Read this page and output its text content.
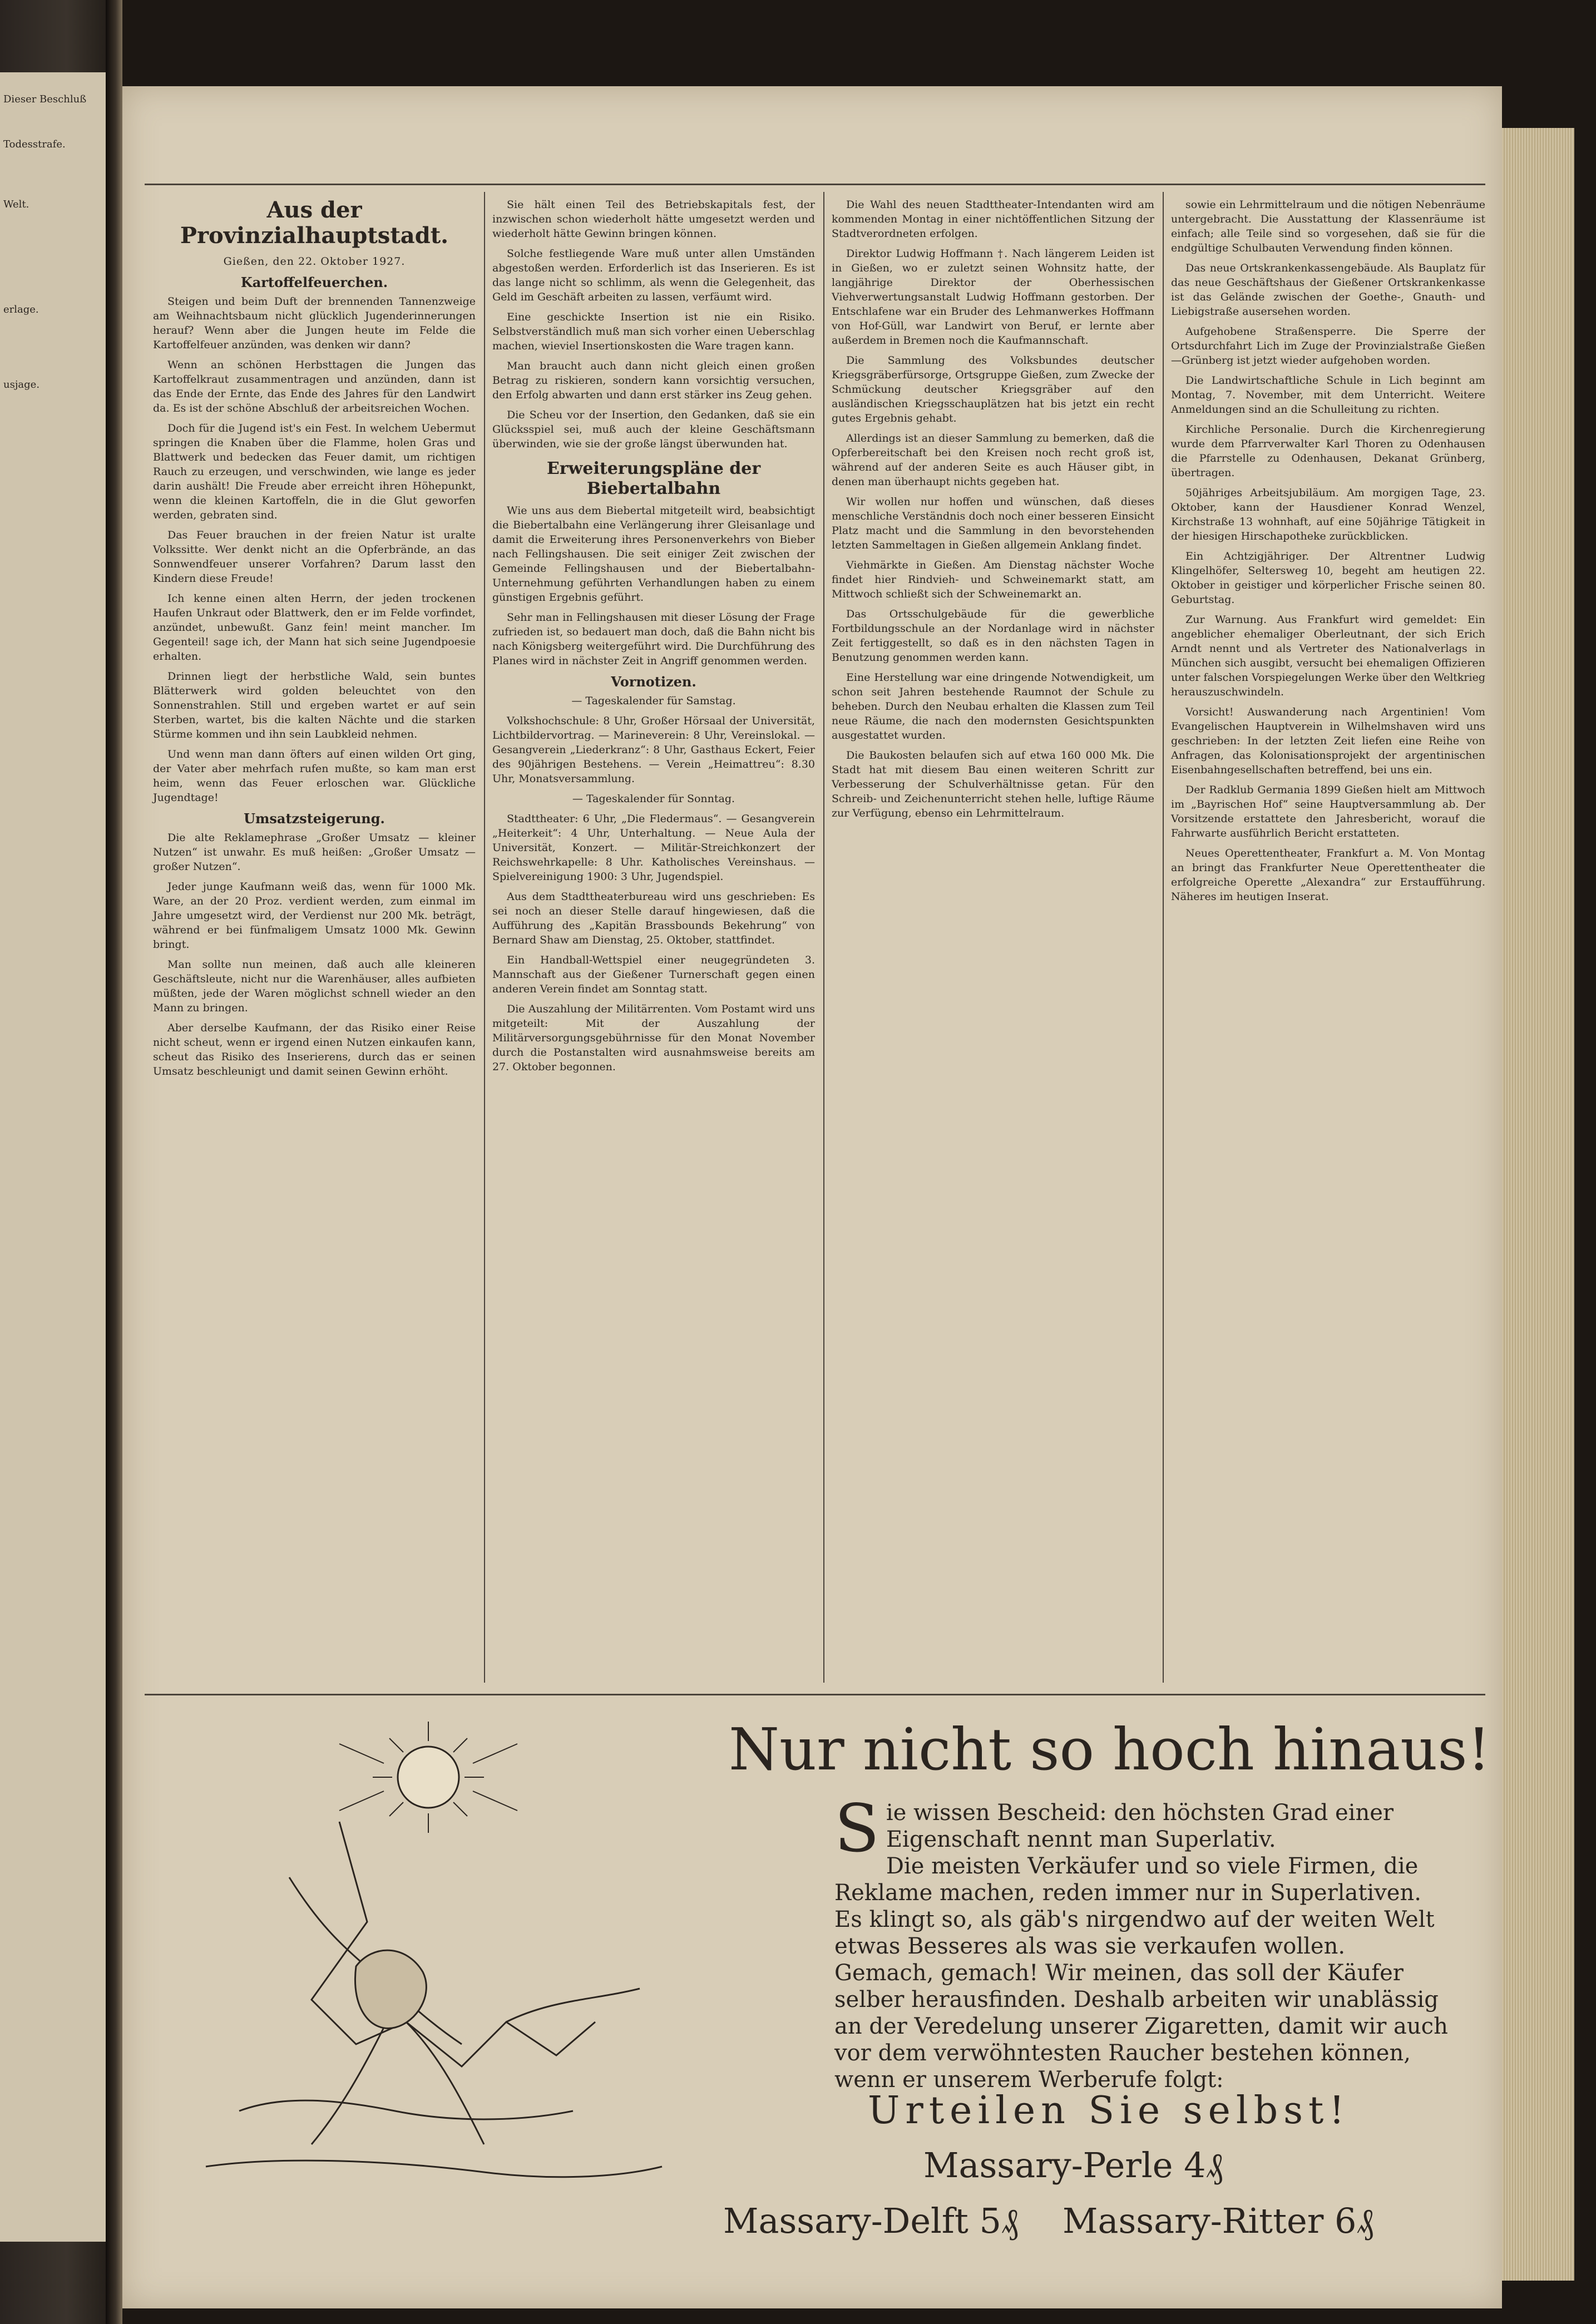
Dieser Beschluß

Todesstrafe.

Welt.

erlage.

usjage.

Aus der Provinzialhauptstadt.

Gießen, den 22. Oktober 1927.

Kartoffelfeuerchen.

Steigen und beim Duft der brennenden Tannenzweige am Weihnachtsbaum nicht glücklich Jugenderinnerungen herauf? Wenn aber die Jungen heute im Felde die Kartoffelfeuer anzünden, was denken wir dann?

Wenn an schönen Herbsttagen die Jungen das Kartoffelkraut zusammentragen und anzünden, dann ist das Ende der Ernte, das Ende des Jahres für den Landwirt da. Es ist der schöne Abschluß der arbeitsreichen Wochen.

Doch für die Jugend ist's ein Fest. In welchem Uebermut springen die Knaben über die Flamme, holen Gras und Blattwerk und bedecken das Feuer damit, um richtigen Rauch zu erzeugen, und verschwinden, wie lange es jeder darin aushält! Die Freude aber erreicht ihren Höhepunkt, wenn die kleinen Kartoffeln, die in die Glut geworfen werden, gebraten sind.

Das Feuer brauchen in der freien Natur ist uralte Volkssitte. Wer denkt nicht an die Opferbrände, an das Sonnwendfeuer unserer Vorfahren? Darum lasst den Kindern diese Freude!

Ich kenne einen alten Herrn, der jeden trockenen Haufen Unkraut oder Blattwerk, den er im Felde vorfindet, anzündet, unbewußt. Ganz fein! meint mancher. Im Gegenteil! sage ich, der Mann hat sich seine Jugendpoesie erhalten.

Drinnen liegt der herbstliche Wald, sein buntes Blätterwerk wird golden beleuchtet von den Sonnenstrahlen. Still und ergeben wartet er auf sein Sterben, wartet, bis die kalten Nächte und die starken Stürme kommen und ihn sein Laubkleid nehmen.

Und wenn man dann öfters auf einen wilden Ort ging, der Vater aber mehrfach rufen mußte, so kam man erst heim, wenn das Feuer erloschen war. Glückliche Jugendtage!

Umsatzsteigerung.

Die alte Reklamephrase „Großer Umsatz — kleiner Nutzen“ ist unwahr. Es muß heißen: „Großer Umsatz — großer Nutzen“.

Jeder junge Kaufmann weiß das, wenn für 1000 Mk. Ware, an der 20 Proz. verdient werden, zum einmal im Jahre umgesetzt wird, der Verdienst nur 200 Mk. beträgt, während er bei fünfmaligem Umsatz 1000 Mk. Gewinn bringt.

Man sollte nun meinen, daß auch alle kleineren Geschäftsleute, nicht nur die Warenhäuser, alles aufbieten müßten, jede der Waren möglichst schnell wieder an den Mann zu bringen.

Aber derselbe Kaufmann, der das Risiko einer Reise nicht scheut, wenn er irgend einen Nutzen einkaufen kann, scheut das Risiko des Inserierens, durch das er seinen Umsatz beschleunigt und damit seinen Gewinn erhöht.

Sie hält einen Teil des Betriebskapitals fest, der inzwischen schon wiederholt hätte umgesetzt werden und wiederholt hätte Gewinn bringen können.

Solche festliegende Ware muß unter allen Umständen abgestoßen werden. Erforderlich ist das Inserieren. Es ist das lange nicht so schlimm, als wenn die Gelegenheit, das Geld im Geschäft arbeiten zu lassen, verfäumt wird.

Eine geschickte Insertion ist nie ein Risiko. Selbstverständlich muß man sich vorher einen Ueberschlag machen, wieviel Insertionskosten die Ware tragen kann.

Man braucht auch dann nicht gleich einen großen Betrag zu riskieren, sondern kann vorsichtig versuchen, den Erfolg abwarten und dann erst stärker ins Zeug gehen.

Die Scheu vor der Insertion, den Gedanken, daß sie ein Glücksspiel sei, muß auch der kleine Geschäftsmann überwinden, wie sie der große längst überwunden hat.

Erweiterungspläne der Biebertalbahn

Wie uns aus dem Biebertal mitgeteilt wird, beabsichtigt die Biebertalbahn eine Verlängerung ihrer Gleisanlage und damit die Erweiterung ihres Personenverkehrs von Bieber nach Fellingshausen. Die seit einiger Zeit zwischen der Gemeinde Fellingshausen und der Biebertalbahn-Unternehmung geführten Verhandlungen haben zu einem günstigen Ergebnis geführt.

Sehr man in Fellingshausen mit dieser Lösung der Frage zufrieden ist, so bedauert man doch, daß die Bahn nicht bis nach Königsberg weitergeführt wird. Die Durchführung des Planes wird in nächster Zeit in Angriff genommen werden.

Vornotizen.

— Tageskalender für Samstag.

Volkshochschule: 8 Uhr, Großer Hörsaal der Universität, Lichtbildervortrag. — Marineverein: 8 Uhr, Vereinslokal. — Gesangverein „Liederkranz“: 8 Uhr, Gasthaus Eckert, Feier des 90jährigen Bestehens. — Verein „Heimattreu“: 8.30 Uhr, Monatsversammlung.

— Tageskalender für Sonntag.

Stadttheater: 6 Uhr, „Die Fledermaus“. — Gesangverein „Heiterkeit“: 4 Uhr, Unterhaltung. — Neue Aula der Universität, Konzert. — Militär-Streichkonzert der Reichswehrkapelle: 8 Uhr. Katholisches Vereinshaus. — Spielvereinigung 1900: 3 Uhr, Jugendspiel.

Aus dem Stadttheaterbureau wird uns geschrieben: Es sei noch an dieser Stelle darauf hingewiesen, daß die Aufführung des „Kapitän Brassbounds Bekehrung“ von Bernard Shaw am Dienstag, 25. Oktober, stattfindet.

Ein Handball-Wettspiel einer neugegründeten 3. Mannschaft aus der Gießener Turnerschaft gegen einen anderen Verein findet am Sonntag statt.

Die Auszahlung der Militärrenten. Vom Postamt wird uns mitgeteilt: Mit der Auszahlung der Militärversorgungsgebührnisse für den Monat November durch die Postanstalten wird ausnahmsweise bereits am 27. Oktober begonnen.

Die Wahl des neuen Stadttheater-Intendanten wird am kommenden Montag in einer nichtöffentlichen Sitzung der Stadtverordneten erfolgen.

Direktor Ludwig Hoffmann †. Nach längerem Leiden ist in Gießen, wo er zuletzt seinen Wohnsitz hatte, der langjährige Direktor der Oberhessischen Viehverwertungsanstalt Ludwig Hoffmann gestorben. Der Entschlafene war ein Bruder des Lehmanwerkes Hoffmann von Hof-Güll, war Landwirt von Beruf, er lernte aber außerdem in Bremen noch die Kaufmannschaft.

Die Sammlung des Volksbundes deutscher Kriegsgräberfürsorge, Ortsgruppe Gießen, zum Zwecke der Schmückung deutscher Kriegsgräber auf den ausländischen Kriegsschauplätzen hat bis jetzt ein recht gutes Ergebnis gehabt.

Allerdings ist an dieser Sammlung zu bemerken, daß die Opferbereitschaft bei den Kreisen noch recht groß ist, während auf der anderen Seite es auch Häuser gibt, in denen man überhaupt nichts gegeben hat.

Wir wollen nur hoffen und wünschen, daß dieses menschliche Verständnis doch noch einer besseren Einsicht Platz macht und die Sammlung in den bevorstehenden letzten Sammeltagen in Gießen allgemein Anklang findet.

Viehmärkte in Gießen. Am Dienstag nächster Woche findet hier Rindvieh- und Schweinemarkt statt, am Mittwoch schließt sich der Schweinemarkt an.

Das Ortsschulgebäude für die gewerbliche Fortbildungsschule an der Nordanlage wird in nächster Zeit fertiggestellt, so daß es in den nächsten Tagen in Benutzung genommen werden kann.

Eine Herstellung war eine dringende Notwendigkeit, um schon seit Jahren bestehende Raumnot der Schule zu beheben. Durch den Neubau erhalten die Klassen zum Teil neue Räume, die nach den modernsten Gesichtspunkten ausgestattet wurden.

Die Baukosten belaufen sich auf etwa 160 000 Mk. Die Stadt hat mit diesem Bau einen weiteren Schritt zur Verbesserung der Schulverhältnisse getan. Für den Schreib- und Zeichenunterricht stehen helle, luftige Räume zur Verfügung, ebenso ein Lehrmittelraum.

sowie ein Lehrmittelraum und die nötigen Nebenräume untergebracht. Die Ausstattung der Klassenräume ist einfach; alle Teile sind so vorgesehen, daß sie für die endgültige Schulbauten Verwendung finden können.

Das neue Ortskrankenkassengebäude. Als Bauplatz für das neue Geschäftshaus der Gießener Ortskrankenkasse ist das Gelände zwischen der Goethe-, Gnauth- und Liebigstraße ausersehen worden.

Aufgehobene Straßensperre. Die Sperre der Ortsdurchfahrt Lich im Zuge der Provinzialstraße Gießen—Grünberg ist jetzt wieder aufgehoben worden.

Die Landwirtschaftliche Schule in Lich beginnt am Montag, 7. November, mit dem Unterricht. Weitere Anmeldungen sind an die Schulleitung zu richten.

Kirchliche Personalie. Durch die Kirchenregierung wurde dem Pfarrverwalter Karl Thoren zu Odenhausen die Pfarrstelle zu Odenhausen, Dekanat Grünberg, übertragen.

50jähriges Arbeitsjubiläum. Am morgigen Tage, 23. Oktober, kann der Hausdiener Konrad Wenzel, Kirchstraße 13 wohnhaft, auf eine 50jährige Tätigkeit in der hiesigen Hirschapotheke zurückblicken.

Ein Achtzigjähriger. Der Altrentner Ludwig Klingelhöfer, Seltersweg 10, begeht am heutigen 22. Oktober in geistiger und körperlicher Frische seinen 80. Geburtstag.

Zur Warnung. Aus Frankfurt wird gemeldet: Ein angeblicher ehemaliger Oberleutnant, der sich Erich Arndt nennt und als Vertreter des Nationalverlags in München sich ausgibt, versucht bei ehemaligen Offizieren unter falschen Vorspiegelungen Werke über den Weltkrieg herauszuschwindeln.

Vorsicht! Auswanderung nach Argentinien! Vom Evangelischen Hauptverein in Wilhelmshaven wird uns geschrieben: In der letzten Zeit liefen eine Reihe von Anfragen, das Kolonisationsprojekt der argentinischen Eisenbahngesellschaften betreffend, bei uns ein.

Der Radklub Germania 1899 Gießen hielt am Mittwoch im „Bayrischen Hof“ seine Hauptversammlung ab. Der Vorsitzende erstattete den Jahresbericht, worauf die Fahrwarte ausführlich Bericht erstatteten.

Neues Operettentheater, Frankfurt a. M. Von Montag an bringt das Frankfurter Neue Operettentheater die erfolgreiche Operette „Alexandra“ zur Erstaufführung. Näheres im heutigen Inserat.

Nur nicht so hoch hinaus!
S ie wissen Bescheid: den höchsten Grad einer

Eigenschaft nennt man Superlativ.

Die meisten Verkäufer und so viele Firmen, die

Reklame machen, reden immer nur in Superlativen.

Es klingt so, als gäb's nirgendwo auf der weiten Welt

etwas Besseres als was sie verkaufen wollen.

Gemach, gemach! Wir meinen, das soll der Käufer

selber herausfinden. Deshalb arbeiten wir unablässig

an der Veredelung unserer Zigaretten, damit wir auch

vor dem verwöhntesten Raucher bestehen können,

wenn er unserem Werberufe folgt:

Urteilen Sie selbst!
Massary-Perle 4₰
Massary-Delft 5₰ Massary-Ritter 6₰
